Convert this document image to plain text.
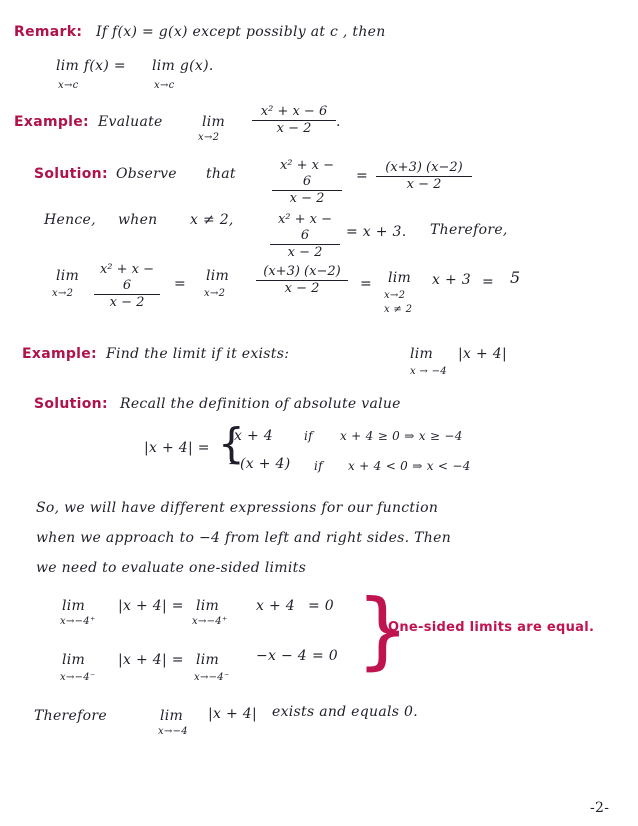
Remark: If f(x) = g(x) except possibly at c , then
lim f(x) =
x→c
lim g(x).
x→c
Example: Evaluate	lim
x→2
$\frac{\text{x² + x − 6}}{x - 2}$ .
Solution: Observe that	$\frac{\text{x² + x − 6}}{x - 2} = \frac{(x+3) (x-2)}{x - 2}$
Hence, when x ≠ 2,	$\frac{\text{x² + x − 6}}{x - 2} = x + 3$. Therefore,
lim
$x\to 2 \frac{\text{x² + x − 6}}{x - 2} = \lim$
$x\to 2 \frac{(x+3) (x-2)}{x - 2} = \lim$
x→2
x ≠ 2
x + 3 = 5
Example: Find the limit if it exists:	lim
x → −4
|x + 4|
Solution: Recall the definition of absolute value
|x + 4| = {
x + 4	if x + 4 ≥ 0 ⇒ x ≥ −4
−(x + 4) if x + 4 < 0 ⇒ x < −4
So, we will have different expressions for our function
when we approach to −4 from left and right sides. Then
we need to evaluate one-sided limits
lim
x→−4⁺
|x + 4| = lim
x→−4⁺
x + 4 = 0
lim
x→−4⁻
|x + 4| = lim
x→−4⁻
−x − 4 = 0 }
One-sided limits are equal.
Therefore	lim
x→−4
|x + 4| exists and equals 0.
-2-
